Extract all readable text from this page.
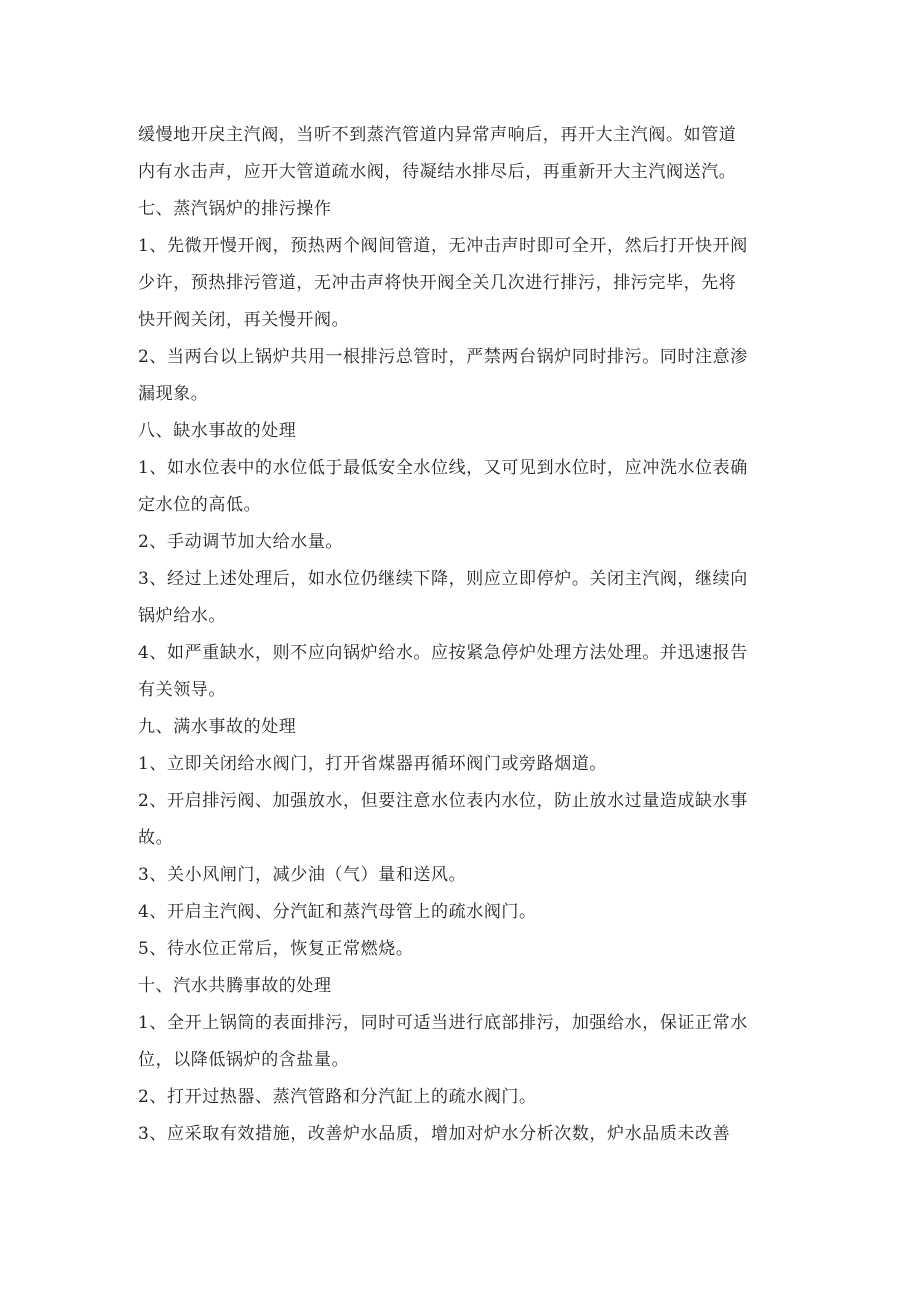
缓慢地开戾主汽阀，当听不到蒸汽管道内异常声响后，再开大主汽阀。如管道
内有水击声，应开大管道疏水阀，待凝结水排尽后，再重新开大主汽阀送汽。
七、蒸汽锅炉的排污操作
1、先微开慢开阀，预热两个阀间管道，无冲击声时即可全开，然后打开快开阀
少许，预热排污管道，无冲击声将快开阀全关几次进行排污，排污完毕，先将
快开阀关闭，再关慢开阀。
2、当两台以上锅炉共用一根排污总管时，严禁两台锅炉同时排污。同时注意渗
漏现象。
八、缺水事故的处理
1、如水位表中的水位低于最低安全水位线，又可见到水位时，应冲洗水位表确
定水位的高低。
2、手动调节加大给水量。
3、经过上述处理后，如水位仍继续下降，则应立即停炉。关闭主汽阀，继续向
锅炉给水。
4、如严重缺水，则不应向锅炉给水。应按紧急停炉处理方法处理。并迅速报告
有关领导。
九、满水事故的处理
1、立即关闭给水阀门，打开省煤器再循环阀门或旁路烟道。
2、开启排污阀、加强放水，但要注意水位表内水位，防止放水过量造成缺水事
故。
3、关小风闸门，减少油（气）量和送风。
4、开启主汽阀、分汽缸和蒸汽母管上的疏水阀门。
5、待水位正常后，恢复正常燃烧。
十、汽水共腾事故的处理
1、全开上锅筒的表面排污，同时可适当进行底部排污，加强给水，保证正常水
位，以降低锅炉的含盐量。
2、打开过热器、蒸汽管路和分汽缸上的疏水阀门。
3、应采取有效措施，改善炉水品质，增加对炉水分析次数，炉水品质未改善
